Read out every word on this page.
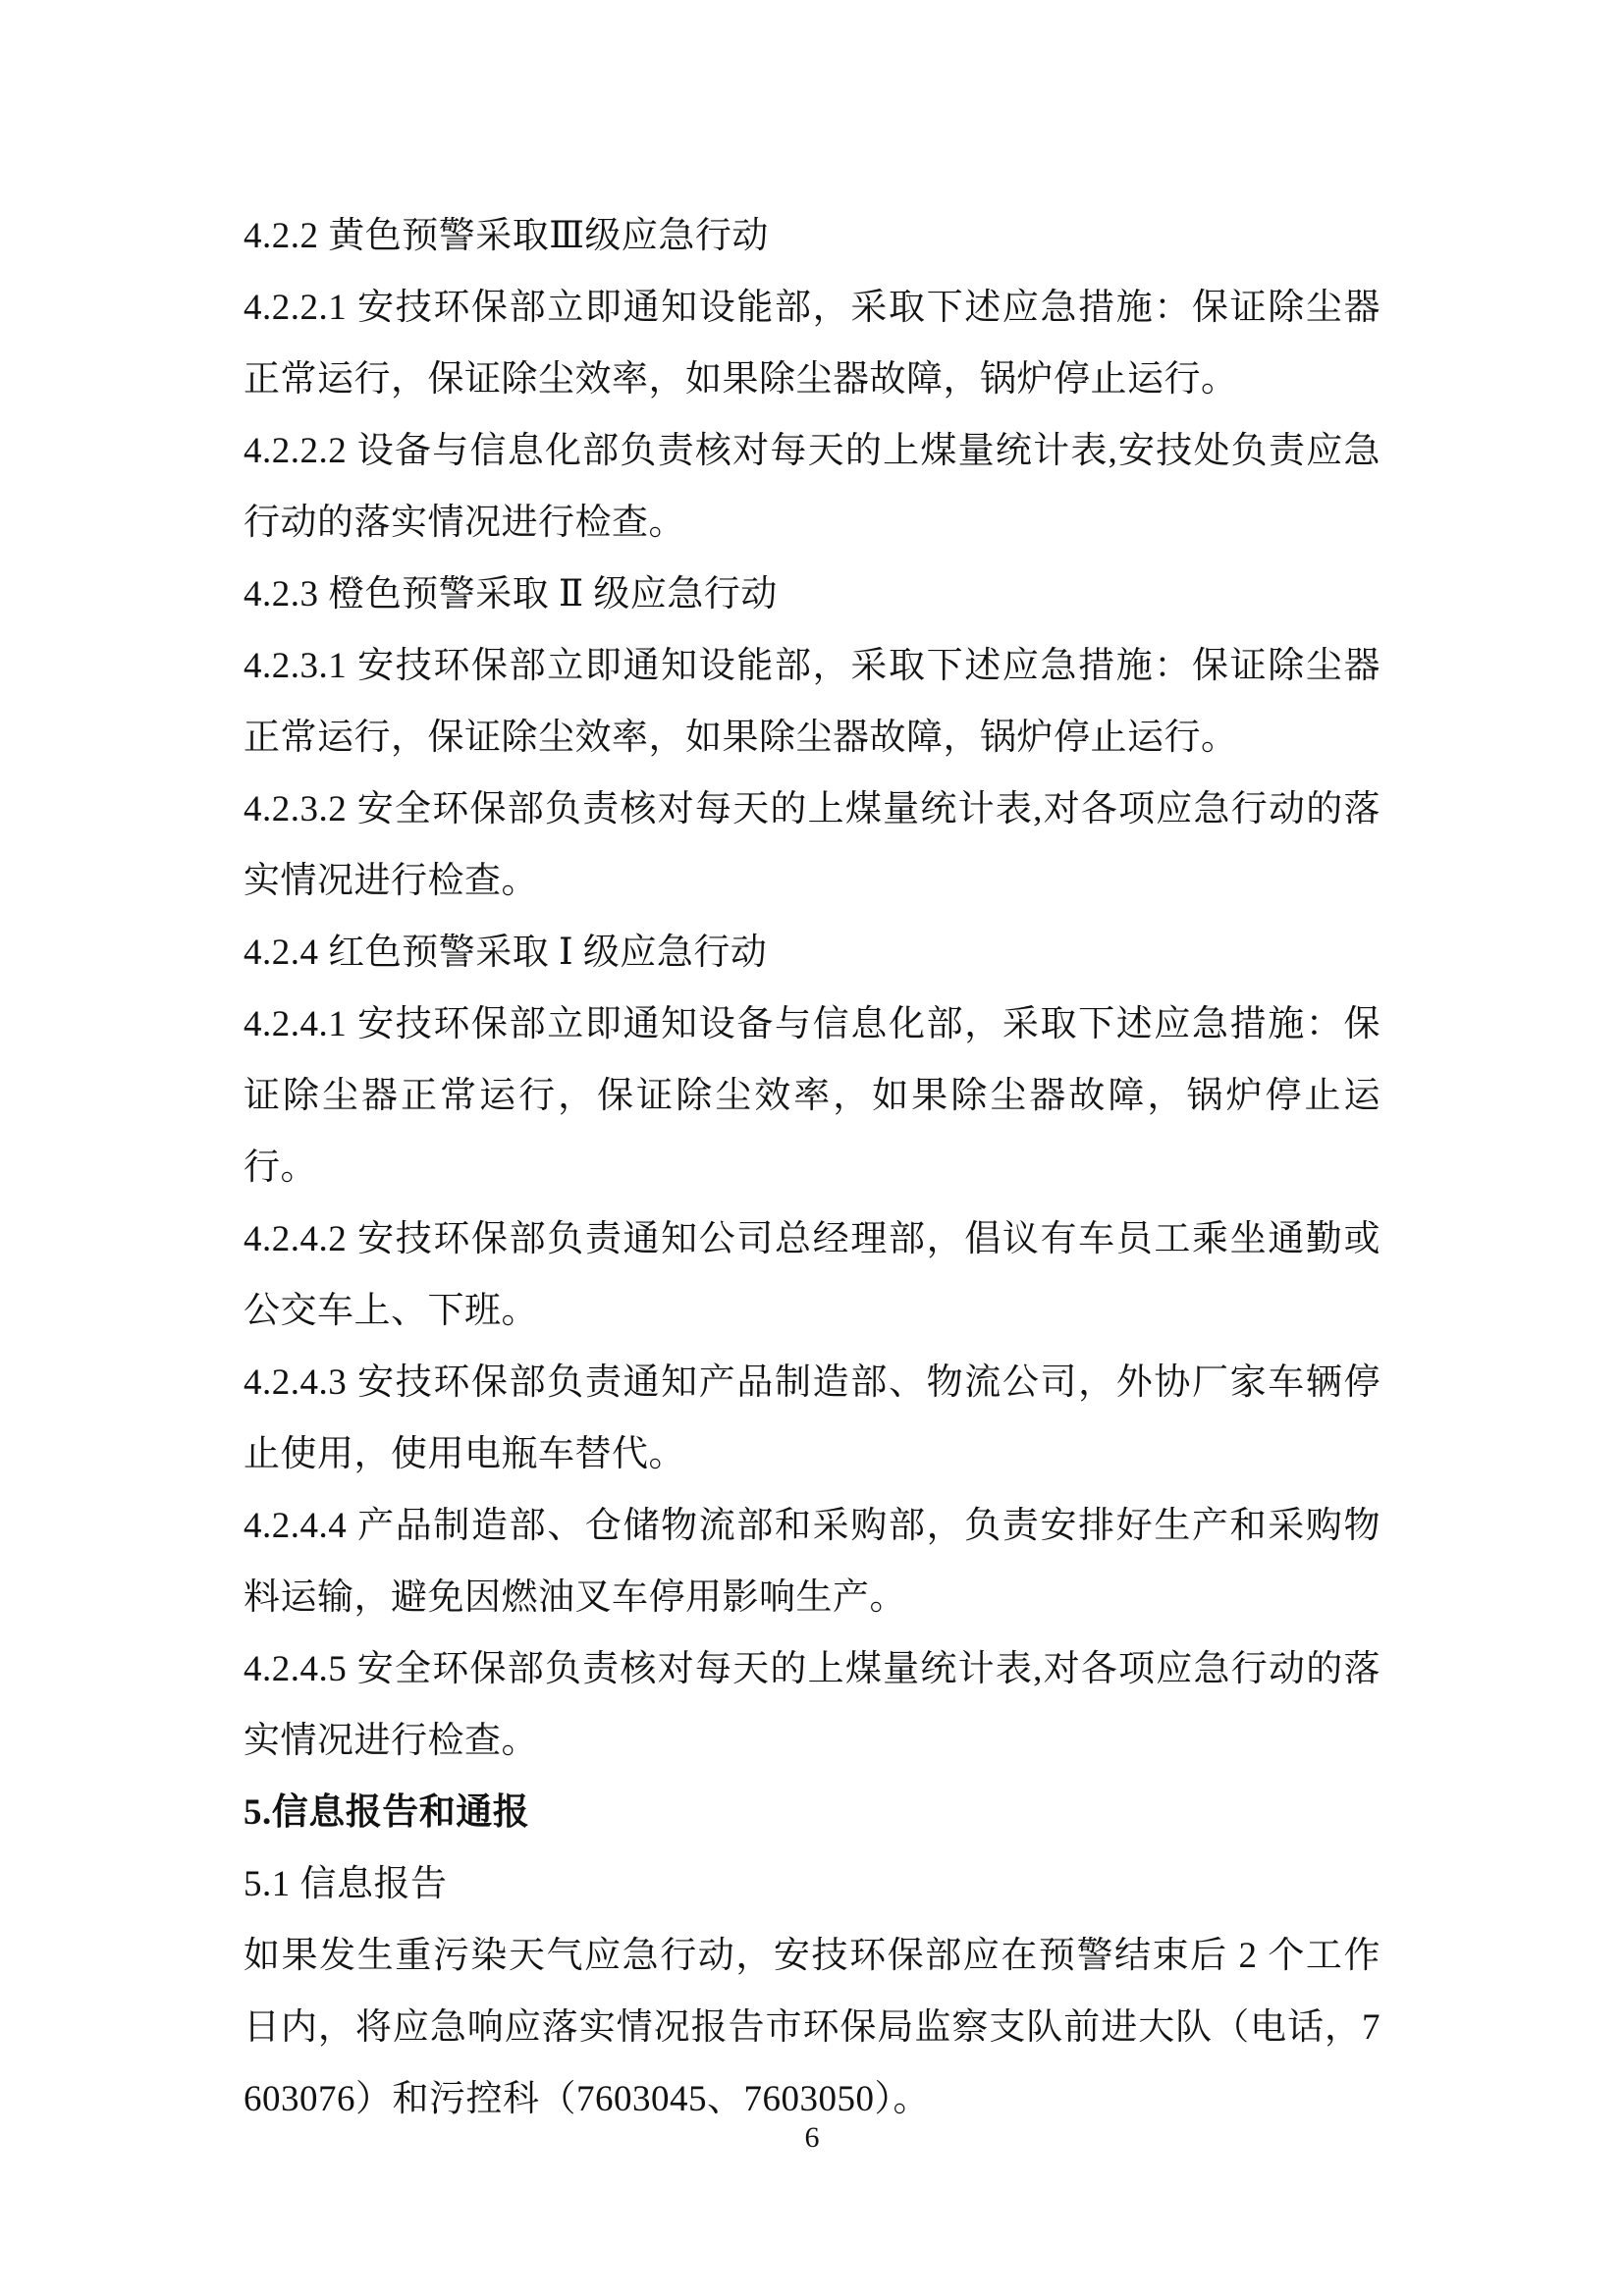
4.2.2 黄色预警采取Ⅲ级应急行动

4.2.2.1 安技环保部立即通知设能部，采取下述应急措施：保证除尘器正常运行，保证除尘效率，如果除尘器故障，锅炉停止运行。

4.2.2.2 设备与信息化部负责核对每天的上煤量统计表,安技处负责应急行动的落实情况进行检查。

4.2.3 橙色预警采取 Ⅱ 级应急行动

4.2.3.1 安技环保部立即通知设能部，采取下述应急措施：保证除尘器正常运行，保证除尘效率，如果除尘器故障，锅炉停止运行。

4.2.3.2 安全环保部负责核对每天的上煤量统计表,对各项应急行动的落实情况进行检查。

4.2.4 红色预警采取 Ⅰ 级应急行动

4.2.4.1 安技环保部立即通知设备与信息化部，采取下述应急措施：保证除尘器正常运行，保证除尘效率，如果除尘器故障，锅炉停止运行。

4.2.4.2 安技环保部负责通知公司总经理部，倡议有车员工乘坐通勤或公交车上、下班。

4.2.4.3 安技环保部负责通知产品制造部、物流公司，外协厂家车辆停止使用，使用电瓶车替代。

4.2.4.4 产品制造部、仓储物流部和采购部，负责安排好生产和采购物料运输，避免因燃油叉车停用影响生产。

4.2.4.5 安全环保部负责核对每天的上煤量统计表,对各项应急行动的落实情况进行检查。

5.信息报告和通报

5.1 信息报告

如果发生重污染天气应急行动，安技环保部应在预警结束后 2 个工作日内，将应急响应落实情况报告市环保局监察支队前进大队（电话，7603076）和污控科（7603045、7603050）。

6
